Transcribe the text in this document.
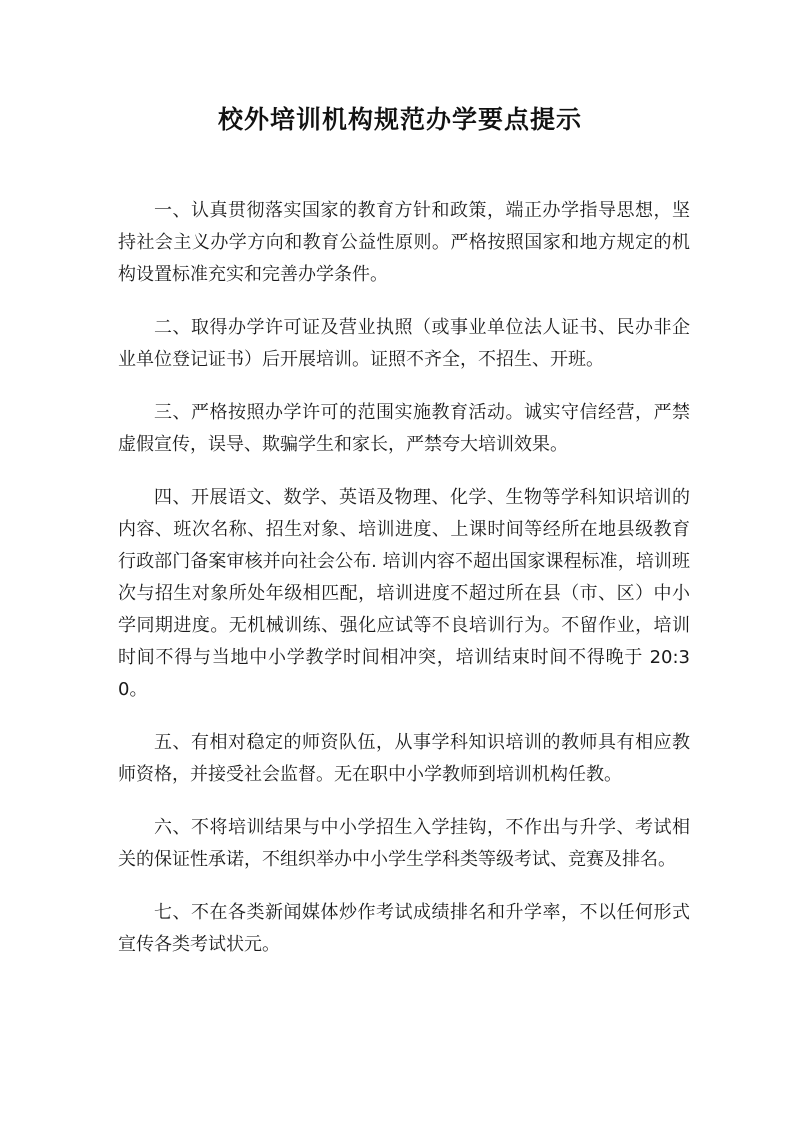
校外培训机构规范办学要点提示

一、认真贯彻落实国家的教育方针和政策，端正办学指导思想，坚持社会主义办学方向和教育公益性原则。严格按照国家和地方规定的机构设置标准充实和完善办学条件。

二、取得办学许可证及营业执照（或事业单位法人证书、民办非企业单位登记证书）后开展培训。证照不齐全，不招生、开班。

三、严格按照办学许可的范围实施教育活动。诚实守信经营，严禁虚假宣传，误导、欺骗学生和家长，严禁夸大培训效果。

四、开展语文、数学、英语及物理、化学、生物等学科知识培训的内容、班次名称、招生对象、培训进度、上课时间等经所在地县级教育行政部门备案审核并向社会公布. 培训内容不超出国家课程标准，培训班次与招生对象所处年级相匹配，培训进度不超过所在县（市、区）中小学同期进度。无机械训练、强化应试等不良培训行为。不留作业，培训时间不得与当地中小学教学时间相冲突，培训结束时间不得晚于 20:30。

五、有相对稳定的师资队伍，从事学科知识培训的教师具有相应教师资格，并接受社会监督。无在职中小学教师到培训机构任教。

六、不将培训结果与中小学招生入学挂钩，不作出与升学、考试相关的保证性承诺，不组织举办中小学生学科类等级考试、竞赛及排名。

七、不在各类新闻媒体炒作考试成绩排名和升学率，不以任何形式宣传各类考试状元。
